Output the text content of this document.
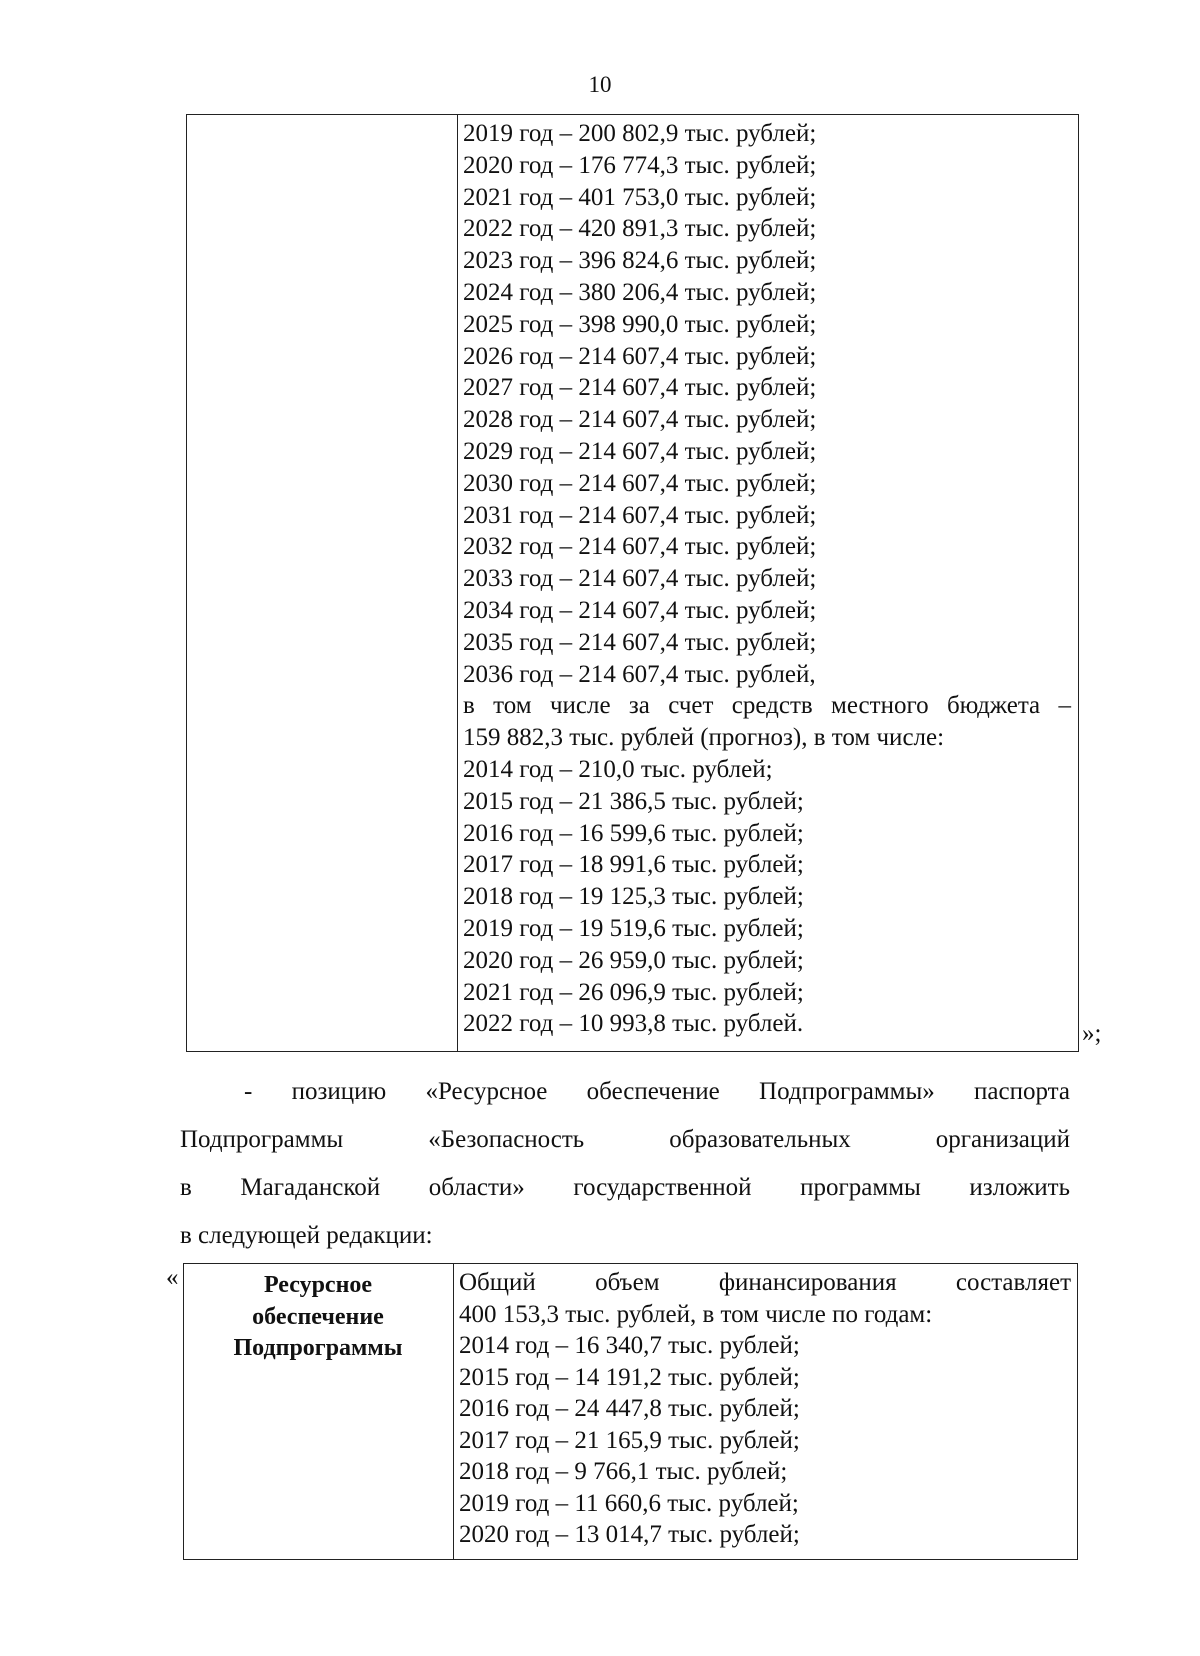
10
2019 год – 200 802,9 тыс. рублей;
2020 год – 176 774,3 тыс. рублей;
2021 год – 401 753,0 тыс. рублей;
2022 год – 420 891,3 тыс. рублей;
2023 год – 396 824,6 тыс. рублей;
2024 год – 380 206,4 тыс. рублей;
2025 год – 398 990,0 тыс. рублей;
2026 год – 214 607,4 тыс. рублей;
2027 год – 214 607,4 тыс. рублей;
2028 год – 214 607,4 тыс. рублей;
2029 год – 214 607,4 тыс. рублей;
2030 год – 214 607,4 тыс. рублей;
2031 год – 214 607,4 тыс. рублей;
2032 год – 214 607,4 тыс. рублей;
2033 год – 214 607,4 тыс. рублей;
2034 год – 214 607,4 тыс. рублей;
2035 год – 214 607,4 тыс. рублей;
2036 год – 214 607,4 тыс. рублей,
в том числе за счет средств местного бюджета –
159 882,3 тыс. рублей (прогноз), в том числе:
2014 год – 210,0 тыс. рублей;
2015 год – 21 386,5 тыс. рублей;
2016 год – 16 599,6 тыс. рублей;
2017 год – 18 991,6 тыс. рублей;
2018 год – 19 125,3 тыс. рублей;
2019 год – 19 519,6 тыс. рублей;
2020 год – 26 959,0 тыс. рублей;
2021 год – 26 096,9 тыс. рублей;
2022 год – 10 993,8 тыс. рублей.	»;
- позицию «Ресурсное обеспечение Подпрограммы» паспорта
Подпрограммы «Безопасность образовательных организаций
в Магаданской области» государственной программы изложить
в следующей редакции:
«	Ресурсное
обеспечение
Подпрограммы
Общий объем финансирования составляет
400 153,3 тыс. рублей, в том числе по годам:
2014 год – 16 340,7 тыс. рублей;
2015 год – 14 191,2 тыс. рублей;
2016 год – 24 447,8 тыс. рублей;
2017 год – 21 165,9 тыс. рублей;
2018 год – 9 766,1 тыс. рублей;
2019 год – 11 660,6 тыс. рублей;
2020 год – 13 014,7 тыс. рублей;
